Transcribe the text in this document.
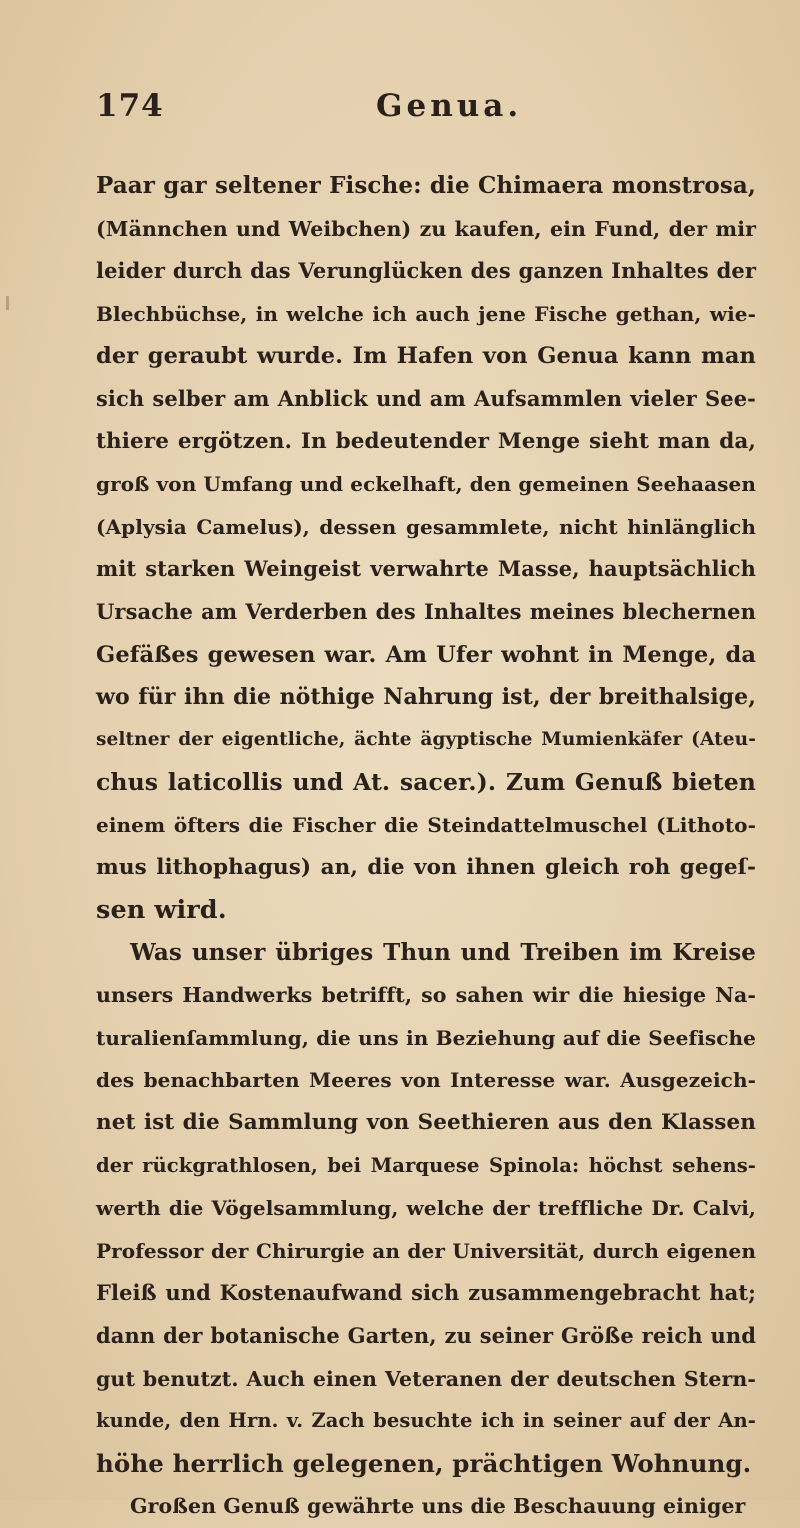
174	Genua.
Paar gar seltener Fische: die Chimaera monstrosa,
(Männchen und Weibchen) zu kaufen, ein Fund, der mir
leider durch das Verunglücken des ganzen Inhaltes der
Blechbüchse, in welche ich auch jene Fische gethan, wie-
der geraubt wurde. Im Hafen von Genua kann man
sich selber am Anblick und am Aufsammlen vieler See-
thiere ergötzen. In bedeutender Menge sieht man da,
groß von Umfang und eckelhaft, den gemeinen Seehaasen
(Aplysia Camelus), dessen gesammlete, nicht hinlänglich
mit starken Weingeist verwahrte Masse, hauptsächlich
Ursache am Verderben des Inhaltes meines blechernen
Gefäßes gewesen war. Am Ufer wohnt in Menge, da
wo für ihn die nöthige Nahrung ist, der breithalsige,
seltner der eigentliche, ächte ägyptische Mumienkäfer (Ateu-
chus laticollis und At. sacer.). Zum Genuß bieten
einem öfters die Fischer die Steindattelmuschel (Lithoto-
mus lithophagus) an, die von ihnen gleich roh gegeſ-
sen wird.
Was unser übriges Thun und Treiben im Kreise
unsers Handwerks betrifft, so sahen wir die hiesige Na-
turalienſammlung, die uns in Beziehung auf die Seefische
des benachbarten Meeres von Interesse war. Ausgezeich-
net ist die Sammlung von Seethieren aus den Klassen
der rückgrathlosen, bei Marquese Spinola: höchst sehens-
werth die Vögelsammlung, welche der treffliche Dr. Calvi,
Professor der Chirurgie an der Universität, durch eigenen
Fleiß und Kostenaufwand sich zusammengebracht hat;
dann der botanische Garten, zu seiner Größe reich und
gut benutzt. Auch einen Veteranen der deutschen Stern-
kunde, den Hrn. v. Zach besuchte ich in seiner auf der An-
höhe herrlich gelegenen, prächtigen Wohnung.
Großen Genuß gewährte uns die Beschauung einiger
